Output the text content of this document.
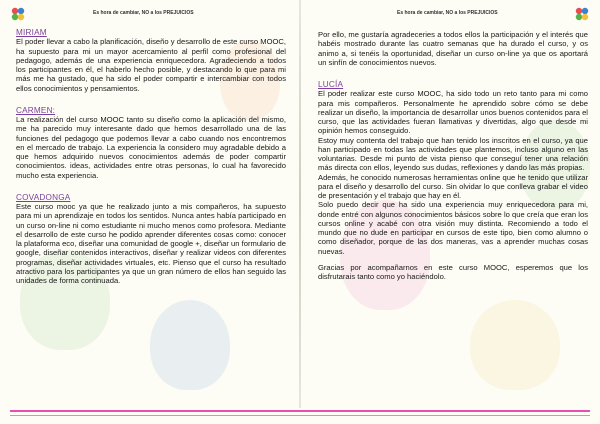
Es hora de cambiar, NO a los PREJUICIOS
MIRIAM

El poder llevar a cabo la planificación, diseño y desarrollo de este curso MOOC, ha supuesto para mi un mayor acercamiento al perfil como profesional del pedagogo, además de una experiencia enriquecedora. Agradeciendo a todos los participantes en él, el haberlo hecho posible, y destacando lo que para mi más me ha gustado, que ha sido el poder compartir e intercambiar con todos ellos conocimientos y pensamientos.

CARMEN:

La realización del curso MOOC tanto su diseño como la aplicación del mismo, me ha parecido muy interesante dado que hemos desarrollado una de las funciones del pedagogo que podemos llevar a cabo cuando nos encontremos en el mercado de trabajo. La experiencia la considero muy agradable debido a que hemos adquirido nuevos conocimientos además de poder compartir conocimientos. ideas, actividades entre otras personas, lo cual ha favorecido mucho esta experiencia.

COVADONGA

Este curso mooc ya que he realizado junto a mis compañeros, ha supuesto para mi un aprendizaje en todos los sentidos. Nunca antes había participado en un curso on-line ni como estudiante ni mucho menos como profesora. Mediante el desarrollo de este curso he podido aprender diferentes cosas como: conocer la plataforma eco, diseñar una comunidad de google +, diseñar un formulario de google, diseñar contenidos interactivos, diseñar y realizar videos con diferentes programas, diseñar actividades virtuales, etc. Pienso que el curso ha resultado atractivo para los participantes ya que un gran número de ellos han seguido las unidades de forma continuada.

Es hora de cambiar, NO a los PREJUICIOS

Por ello, me gustaría agradeceries a todos ellos la participación y el interés que habéis mostrado durante las cuatro semanas que ha durado el curso, y os animo a, si tenéis la oportunidad, diseñar un curso on-line ya que os aportará un sinfín de conocimientos nuevos.

LUCÍA

El poder realizar este curso MOOC, ha sido todo un reto tanto para mi como para mis compañeros. Personalmente he aprendido sobre cómo se debe realizar un diseño, la importancia de desarrollar unos buenos contenidos para el curso, que las actividades fueran llamativas y divertidas, algo que desde mi opinión hemos conseguido.

Estoy muy contenta del trabajo que han tenido los inscritos en el curso, ya que han participado en todas las actividades que plantemos, incluso alguno en las voluntarias. Desde mi punto de vista pienso que conseguí tener una relación más directa con ellos, leyendo sus dudas, reflexiones y dando las más propias.

Además, he conocido numerosas herramientas online que he tenido que utilizar para el diseño y desarrollo del curso. Sin olvidar lo que conlleva grabar el video de presentación y el trabajo que hay en él.

Solo puedo decir que ha sido una experiencia muy enriquecedora para mi, donde entré con algunos conocimientos básicos sobre lo que creía que eran los cursos online y acabé con otra visión muy distinta. Recomiendo a todo el mundo que no dude en participar en cursos de este tipo, bien como alumno o como diseñador, porque de las dos maneras, vas a aprender muchas cosas nuevas.

Gracias por acompañarnos en este curso MOOC, esperemos que los disfrutarais tanto como yo haciéndolo.
